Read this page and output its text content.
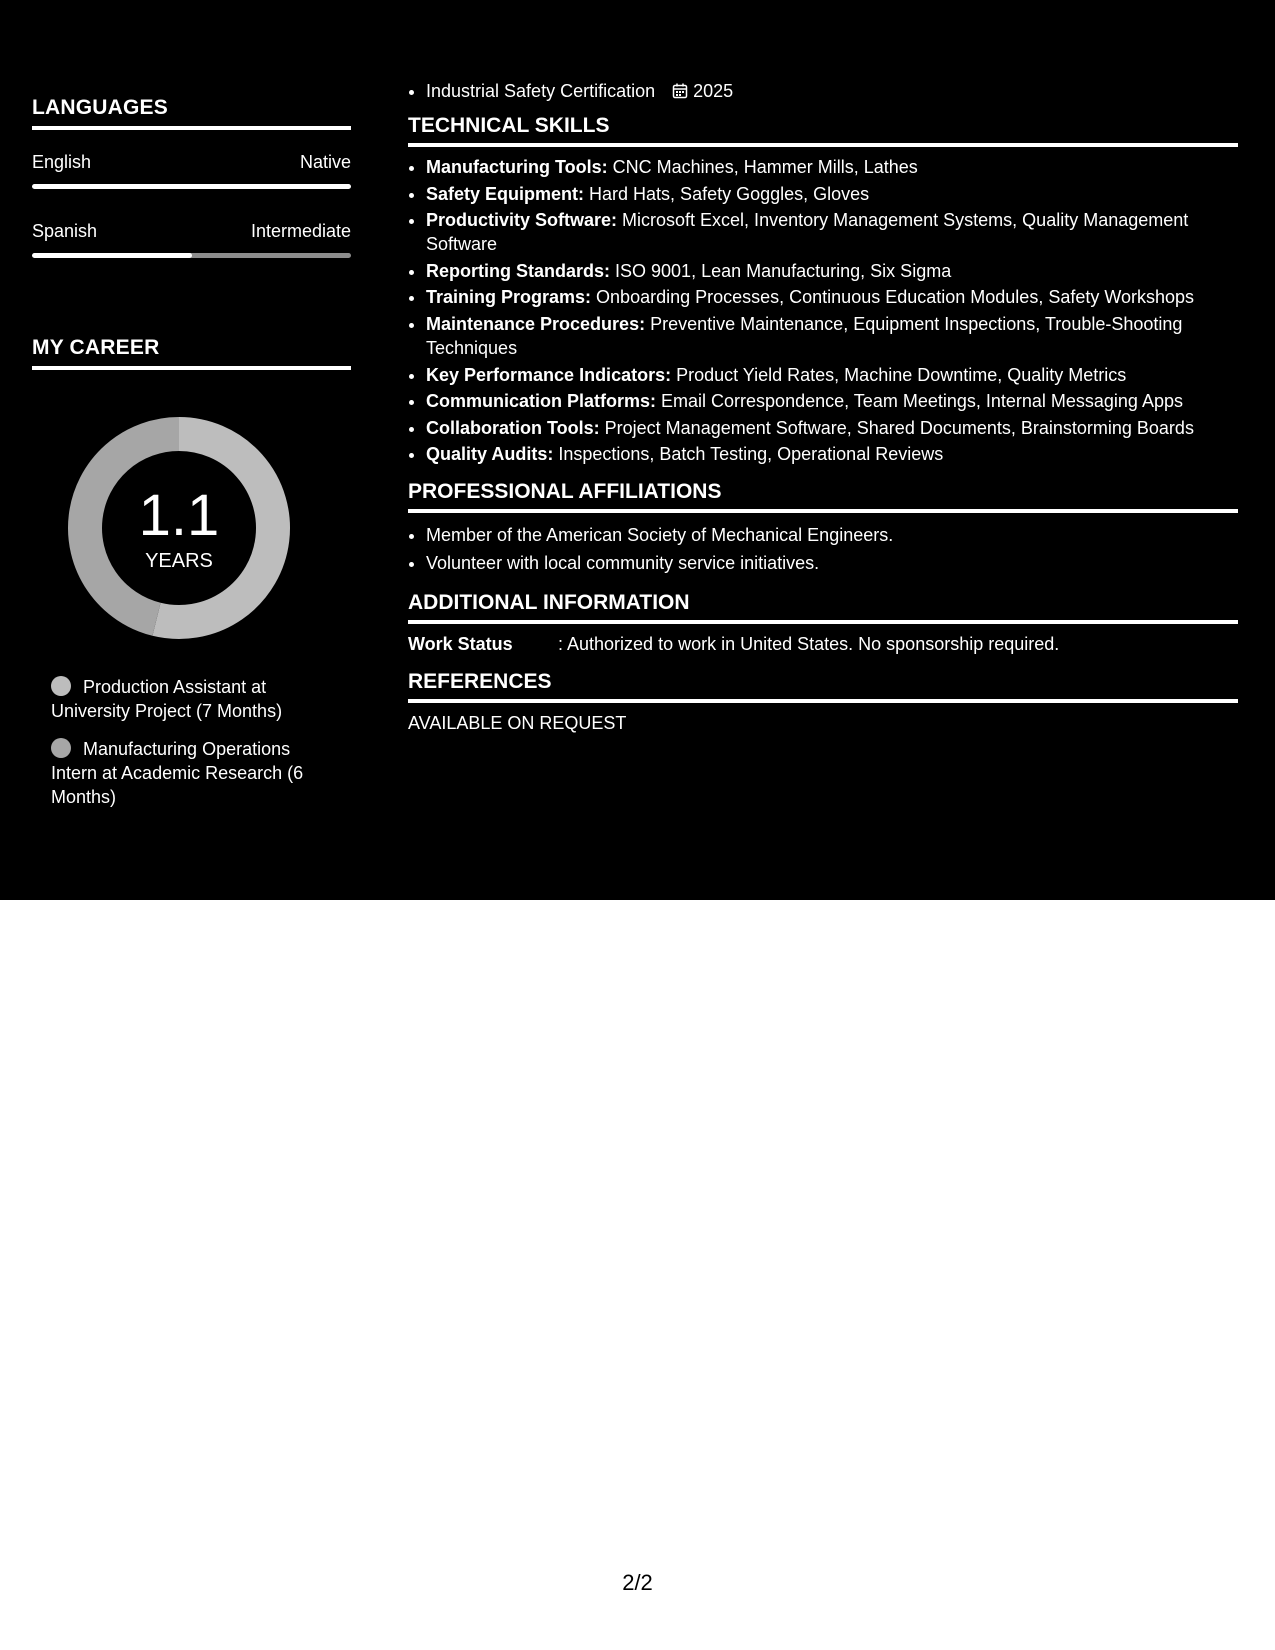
LANGUAGES
English	Native
Spanish	Intermediate
MY CAREER
1.1
YEARS
Production Assistant at University Project (7 Months)
Manufacturing Operations Intern at Academic Research (6 Months)
• Industrial Safety Certification 2025
TECHNICAL SKILLS
• Manufacturing Tools: CNC Machines, Hammer Mills, Lathes
• Safety Equipment: Hard Hats, Safety Goggles, Gloves
• Productivity Software: Microsoft Excel, Inventory Management Systems, Quality Management Software
• Reporting Standards: ISO 9001, Lean Manufacturing, Six Sigma
• Training Programs: Onboarding Processes, Continuous Education Modules, Safety Workshops
• Maintenance Procedures: Preventive Maintenance, Equipment Inspections, Trouble-Shooting Techniques
• Key Performance Indicators: Product Yield Rates, Machine Downtime, Quality Metrics
• Communication Platforms: Email Correspondence, Team Meetings, Internal Messaging Apps
• Collaboration Tools: Project Management Software, Shared Documents, Brainstorming Boards
• Quality Audits: Inspections, Batch Testing, Operational Reviews
PROFESSIONAL AFFILIATIONS
• Member of the American Society of Mechanical Engineers.
• Volunteer with local community service initiatives.
ADDITIONAL INFORMATION
Work Status	: Authorized to work in United States. No sponsorship required.
REFERENCES
AVAILABLE ON REQUEST
2/2
